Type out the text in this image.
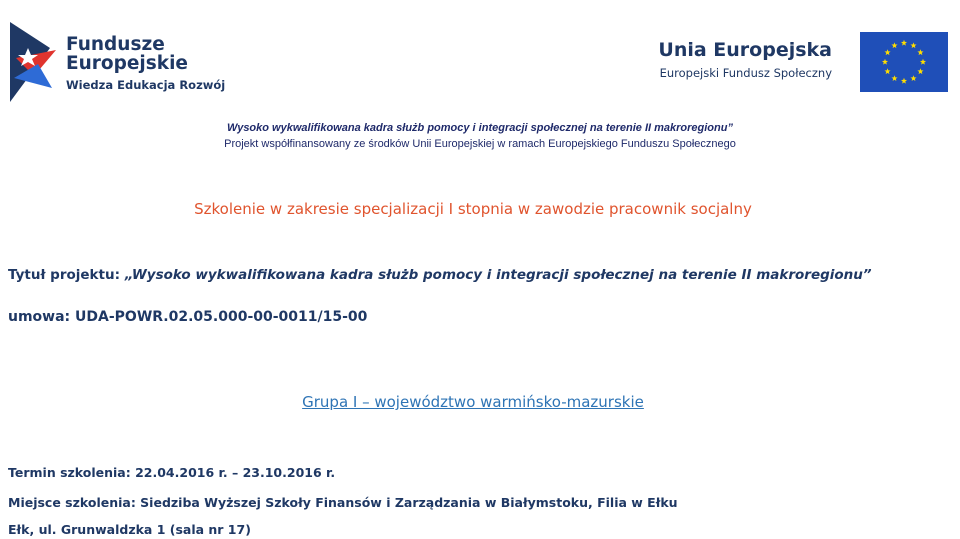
Fundusze
Europejskie
Wiedza Edukacja Rozwój
Unia Europejska
Europejski Fundusz Społeczny
Wysoko wykwalifikowana kadra służb pomocy i integracji społecznej na terenie II makroregionu”
Projekt współfinansowany ze środków Unii Europejskiej w ramach Europejskiego Funduszu Społecznego
Szkolenie w zakresie specjalizacji I stopnia w zawodzie pracownik socjalny
Tytuł projektu: „Wysoko wykwalifikowana kadra służb pomocy i integracji społecznej na terenie II makroregionu”
umowa: UDA-POWR.02.05.000-00-0011/15-00
Grupa I – województwo warmińsko-mazurskie
Termin szkolenia: 22.04.2016 r. – 23.10.2016 r.
Miejsce szkolenia: Siedziba Wyższej Szkoły Finansów i Zarządzania w Białymstoku, Filia w Ełku
Ełk, ul. Grunwaldzka 1 (sala nr 17)
